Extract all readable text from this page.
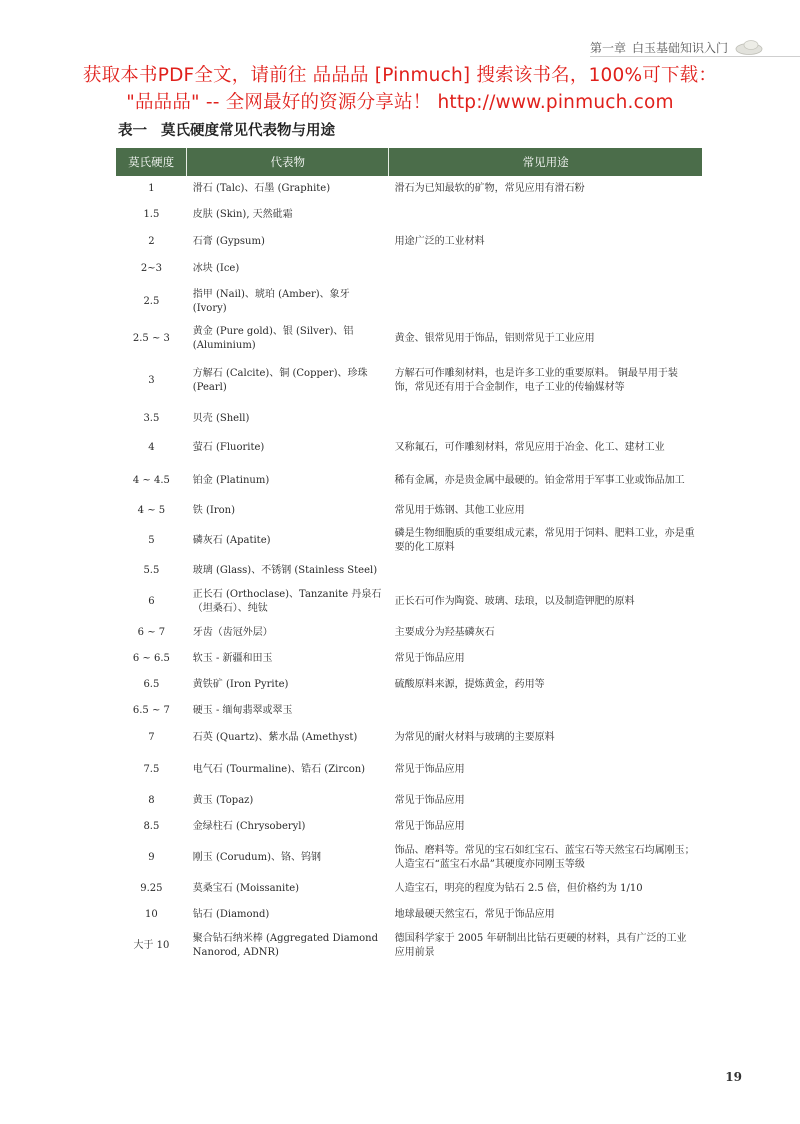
第一章 白玉基础知识入门
获取本书PDF全文，请前往 品品品 [Pinmuch] 搜索该书名，100%可下载：
"品品品" -- 全网最好的资源分享站！ http://www.pinmuch.com
表一 莫氏硬度常见代表物与用途
莫氏硬度	代表物	常见用途
1	滑石 (Talc)、石墨 (Graphite)	滑石为已知最软的矿物，常见应用有滑石粉
1.5	皮肤 (Skin), 天然砒霜	
2	石膏 (Gypsum)	用途广泛的工业材料
2~3	冰块 (Ice)	
2.5	指甲 (Nail)、琥珀 (Amber)、象牙 (Ivory)	
2.5 ~ 3	黄金 (Pure gold)、银 (Silver)、铝 (Aluminium)	黄金、银常见用于饰品，铝则常见于工业应用
3	方解石 (Calcite)、铜 (Copper)、珍珠 (Pearl)	方解石可作雕刻材料，也是许多工业的重要原料。 铜最早用于装饰，常见还有用于合金制作，电子工业的传输媒材等
3.5	贝壳 (Shell)	
4	萤石 (Fluorite)	又称氟石，可作雕刻材料，常见应用于冶金、化工、建材工业
4 ~ 4.5	铂金 (Platinum)	稀有金属，亦是贵金属中最硬的。铂金常用于军事工业或饰品加工
4 ~ 5	铁 (Iron)	常见用于炼钢、其他工业应用
5	磷灰石 (Apatite)	磷是生物细胞质的重要组成元素，常见用于饲料、肥料工业，亦是重要的化工原料
5.5	玻璃 (Glass)、不锈钢 (Stainless Steel)	
6	正长石 (Orthoclase)、Tanzanite 丹泉石（坦桑石）、纯钛	正长石可作为陶瓷、玻璃、珐琅，以及制造钾肥的原料
6 ~ 7	牙齿（齿冠外层）	主要成分为羟基磷灰石
6 ~ 6.5	软玉 - 新疆和田玉	常见于饰品应用
6.5	黄铁矿 (Iron Pyrite)	硫酸原料来源，提炼黄金，药用等
6.5 ~ 7	硬玉 - 缅甸翡翠或翠玉	
7	石英 (Quartz)、紫水晶 (Amethyst)	为常见的耐火材料与玻璃的主要原料
7.5	电气石 (Tourmaline)、锆石 (Zircon)	常见于饰品应用
8	黄玉 (Topaz)	常见于饰品应用
8.5	金绿柱石 (Chrysoberyl)	常见于饰品应用
9	刚玉 (Corudum)、铬、钨钢	饰品、磨料等。常见的宝石如红宝石、蓝宝石等天然宝石均属刚玉；人造宝石“蓝宝石水晶”其硬度亦同刚玉等级
9.25	莫桑宝石 (Moissanite)	人造宝石，明亮的程度为钻石 2.5 倍，但价格约为 1/10
10	钻石 (Diamond)	地球最硬天然宝石，常见于饰品应用
大于 10	聚合钻石纳米棒 (Aggregated Diamond Nanorod, ADNR)	德国科学家于 2005 年研制出比钻石更硬的材料，具有广泛的工业应用前景
19
